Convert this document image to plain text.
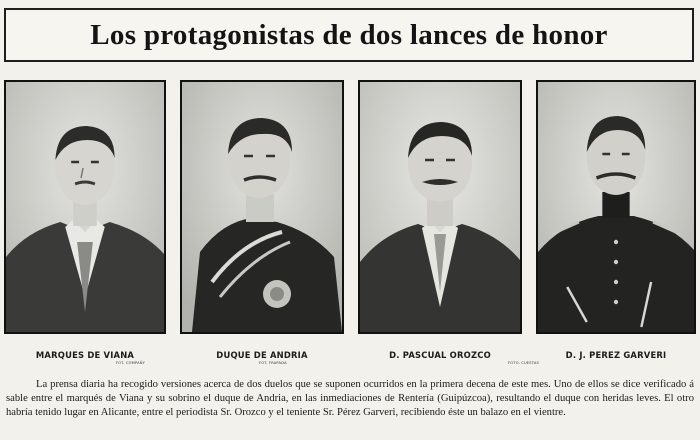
Los protagonistas de dos lances de honor
MARQUES DE VIANA	DUQUE DE ANDRIA	D. PASCUAL OROZCO	D. J. PEREZ GARVERI
FOT. COMPAÑY	FOT. FRAPADA	FOTO. CUESTAS

La prensa diaria ha recogido versiones acerca de dos duelos que se suponen ocurridos en la primera decena de este mes. Uno de ellos se dice verificado á sable entre el marqués de Viana y su sobrino el duque de Andria, en las inmediaciones de Rentería (Guipúzcoa), resultando el duque con heridas leves. El otro habría tenido lugar en Alicante, entre el periodista Sr. Orozco y el teniente Sr. Pérez Garveri, recibiendo éste un balazo en el vientre.
